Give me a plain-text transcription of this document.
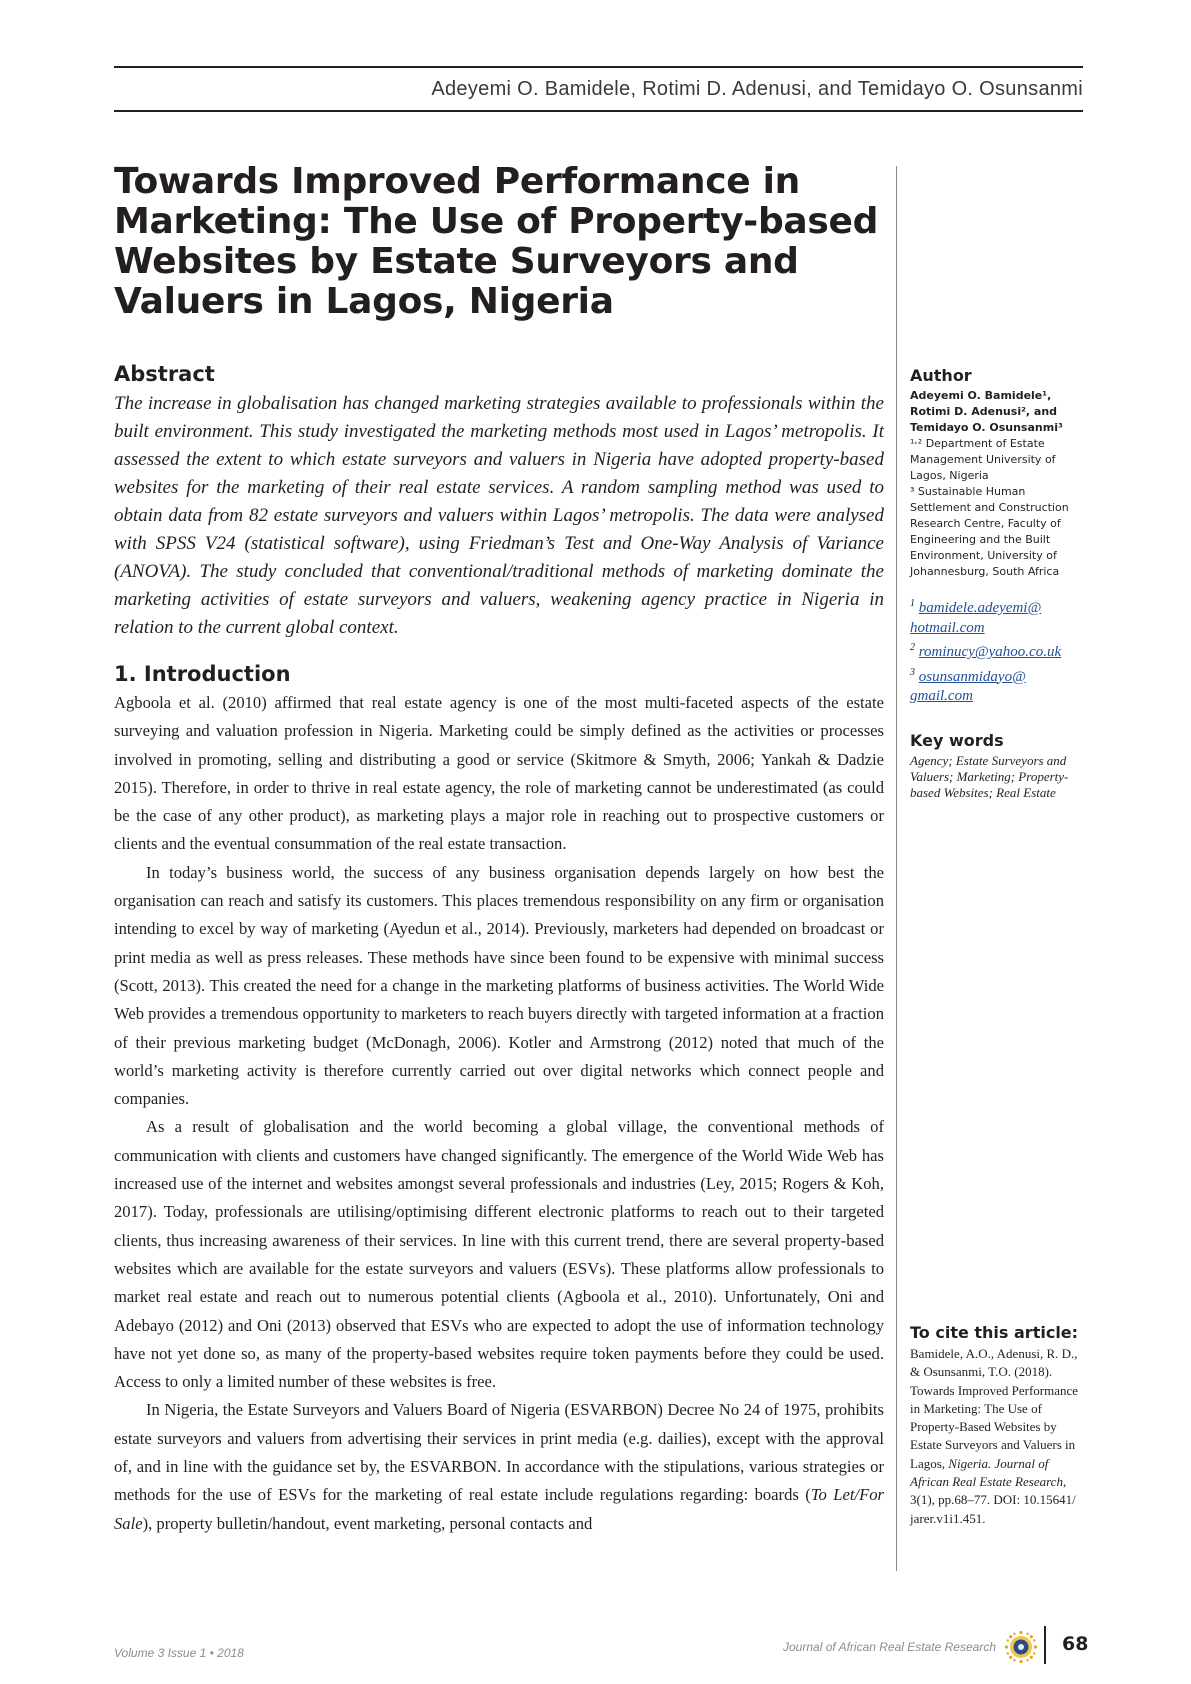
Adeyemi O. Bamidele, Rotimi D. Adenusi, and Temidayo O. Osunsanmi
Towards Improved Performance in Marketing: The Use of Property-based Websites by Estate Surveyors and Valuers in Lagos, Nigeria
Abstract

The increase in globalisation has changed marketing strategies available to professionals within the built environment. This study investigated the marketing methods most used in Lagos’ metropolis. It assessed the extent to which estate surveyors and valuers in Nigeria have adopted property-based websites for the marketing of their real estate services. A random sampling method was used to obtain data from 82 estate surveyors and valuers within Lagos’ metropolis. The data were analysed with SPSS V24 (statistical software), using Friedman’s Test and One-Way Analysis of Variance (ANOVA). The study concluded that conventional/traditional methods of marketing dominate the marketing activities of estate surveyors and valuers, weakening agency practice in Nigeria in relation to the current global context.

1. Introduction

Agboola et al. (2010) affirmed that real estate agency is one of the most multi-faceted aspects of the estate surveying and valuation profession in Nigeria. Marketing could be simply defined as the activities or processes involved in promoting, selling and distributing a good or service (Skitmore & Smyth, 2006; Yankah & Dadzie 2015). Therefore, in order to thrive in real estate agency, the role of marketing cannot be underestimated (as could be the case of any other product), as marketing plays a major role in reaching out to prospective customers or clients and the eventual consummation of the real estate transaction.

In today’s business world, the success of any business organisation depends largely on how best the organisation can reach and satisfy its customers. This places tremendous responsibility on any firm or organisation intending to excel by way of marketing (Ayedun et al., 2014). Previously, marketers had depended on broadcast or print media as well as press releases. These methods have since been found to be expensive with minimal success (Scott, 2013). This created the need for a change in the marketing platforms of business activities. The World Wide Web provides a tremendous opportunity to marketers to reach buyers directly with targeted information at a fraction of their previous marketing budget (McDonagh, 2006). Kotler and Armstrong (2012) noted that much of the world’s marketing activity is therefore currently carried out over digital networks which connect people and companies.

As a result of globalisation and the world becoming a global village, the conventional methods of communication with clients and customers have changed significantly. The emergence of the World Wide Web has increased use of the internet and websites amongst several professionals and industries (Ley, 2015; Rogers & Koh, 2017). Today, professionals are utilising/optimising different electronic platforms to reach out to their targeted clients, thus increasing awareness of their services. In line with this current trend, there are several property-based websites which are available for the estate surveyors and valuers (ESVs). These platforms allow professionals to market real estate and reach out to numerous potential clients (Agboola et al., 2010). Unfortunately, Oni and Adebayo (2012) and Oni (2013) observed that ESVs who are expected to adopt the use of information technology have not yet done so, as many of the property-based websites require token payments before they could be used. Access to only a limited number of these websites is free.

In Nigeria, the Estate Surveyors and Valuers Board of Nigeria (ESVARBON) Decree No 24 of 1975, prohibits estate surveyors and valuers from advertising their services in print media (e.g. dailies), except with the approval of, and in line with the guidance set by, the ESVARBON. In accordance with the stipulations, various strategies or methods for the use of ESVs for the marketing of real estate include regulations regarding: boards (To Let/For Sale), property bulletin/handout, event marketing, personal contacts and

Author
Adeyemi O. Bamidele¹, Rotimi D. Adenusi², and Temidayo O. Osunsanmi³
¹˒² Department of Estate Management University of Lagos, Nigeria
³ Sustainable Human Settlement and Construction Research Centre, Faculty of Engineering and the Built Environment, University of Johannesburg, South Africa
$^1$ bamidele.adeyemi@ hotmail.com
$^2$ rominucy@yahoo.co.uk
$^3$ osunsanmidayo@ gmail.com
Key words
Agency; Estate Surveyors and Valuers; Marketing; Property-based Websites; Real Estate
To cite this article:
Bamidele, A.O., Adenusi, R. D., & Osunsanmi, T.O. (2018). Towards Improved Performance in Marketing: The Use of Property-Based Websites by Estate Surveyors and Valuers in Lagos, Nigeria. Journal of African Real Estate Research, 3(1), pp.68–77. DOI: 10.15641/ jarer.v1i1.451.
Volume 3 Issue 1 • 2018	Journal of African Real Estate Research	68
